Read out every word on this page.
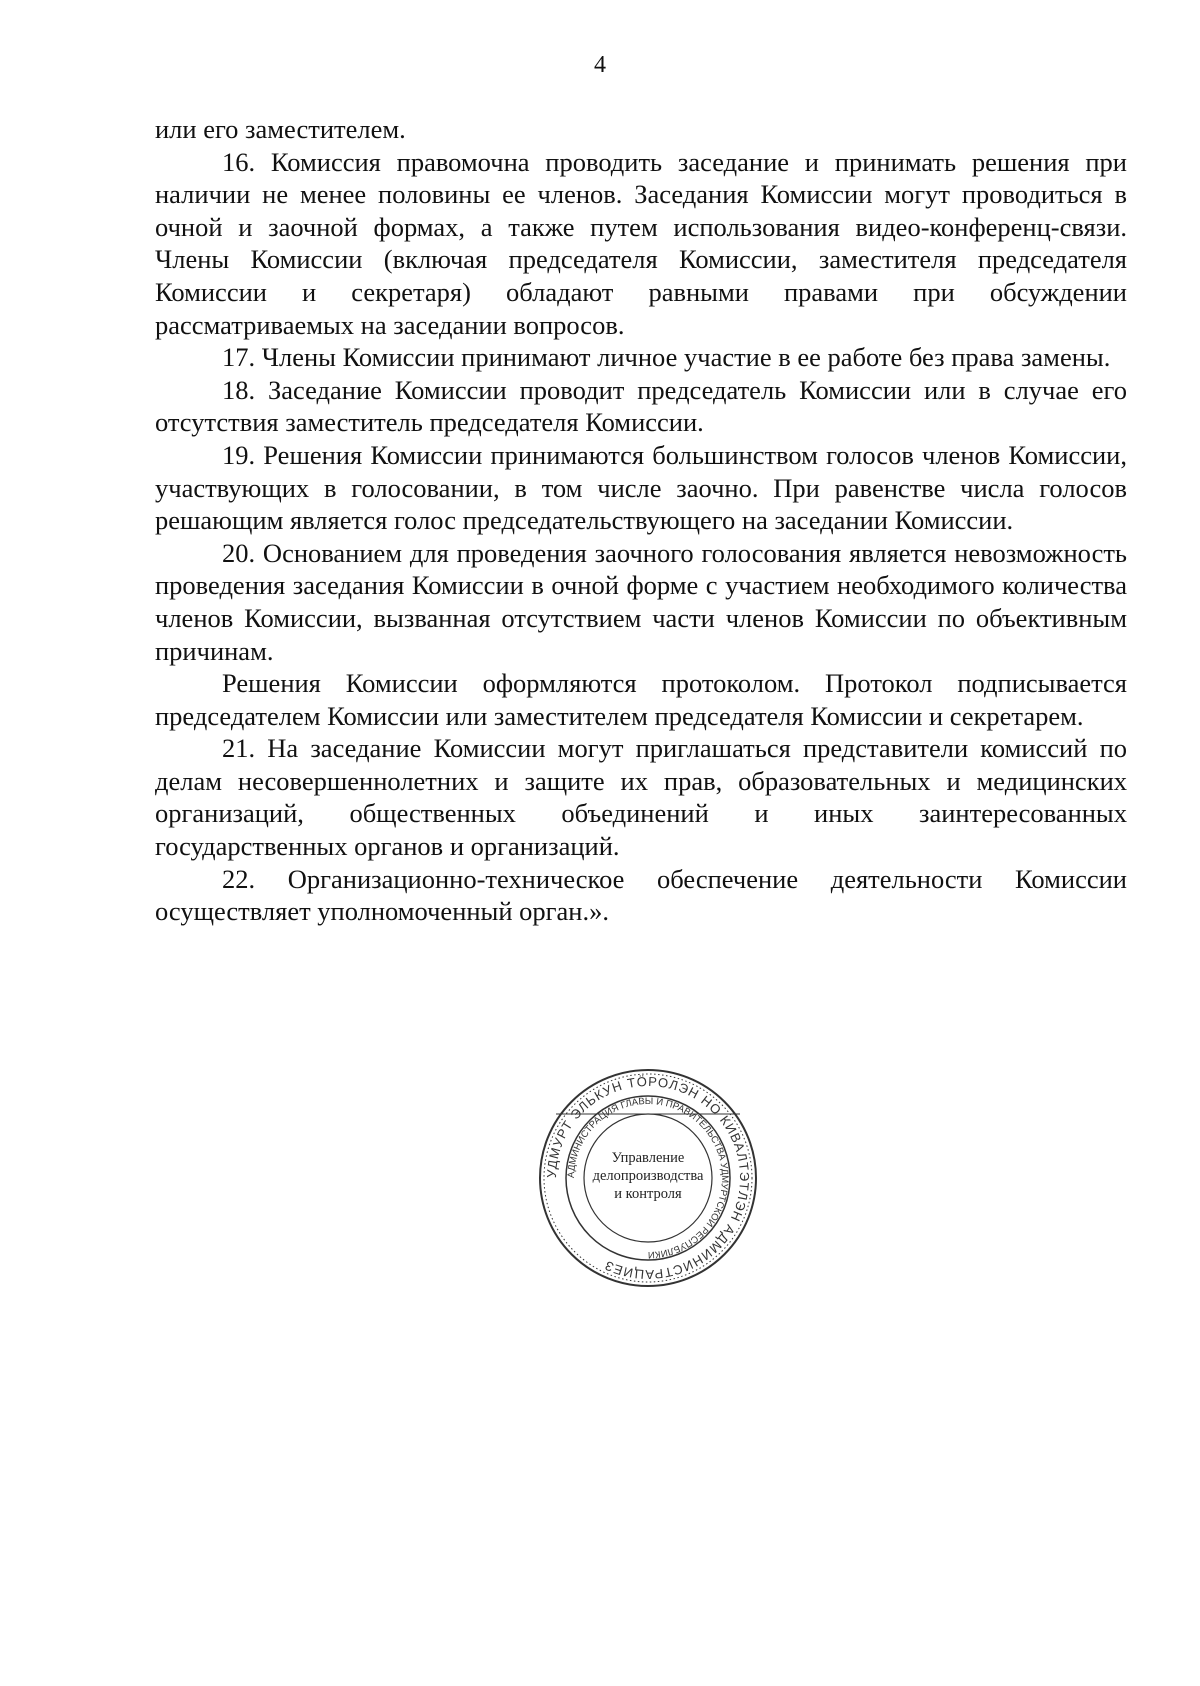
4

или его заместителем.

16. Комиссия правомочна проводить заседание и принимать решения при наличии не менее половины ее членов. Заседания Комиссии могут проводиться в очной и заочной формах, а также путем использования видео-конференц-связи. Члены Комиссии (включая председателя Комиссии, заместителя председателя Комиссии и секретаря) обладают равными правами при обсуждении рассматриваемых на заседании вопросов.

17. Члены Комиссии принимают личное участие в ее работе без права замены.

18. Заседание Комиссии проводит председатель Комиссии или в случае его отсутствия заместитель председателя Комиссии.

19. Решения Комиссии принимаются большинством голосов членов Комиссии, участвующих в голосовании, в том числе заочно. При равенстве числа голосов решающим является голос председательствующего на заседании Комиссии.

20. Основанием для проведения заочного голосования является невозможность проведения заседания Комиссии в очной форме с участием необходимого количества членов Комиссии, вызванная отсутствием части членов Комиссии по объективным причинам.

Решения Комиссии оформляются протоколом. Протокол подписывается председателем Комиссии или заместителем председателя Комиссии и секретарем.

21. На заседание Комиссии могут приглашаться представители комиссий по делам несовершеннолетних и защите их прав, образовательных и медицинских организаций, общественных объединений и иных заинтересованных государственных органов и организаций.

22. Организационно-техническое обеспечение деятельности Комиссии осуществляет уполномоченный орган.».

УДМУРТ ЭЛЬКУН ТӦРОЛЭН НО КИВАЛТЭТЛЭН АДМИНИСТРАЦИЕЗ
АДМИНИСТРАЦИЯ ГЛАВЫ И ПРАВИТЕЛЬСТВА УДМУРТСКОЙ РЕСПУБЛИКИ
Управление
делопроизводства
и контроля
